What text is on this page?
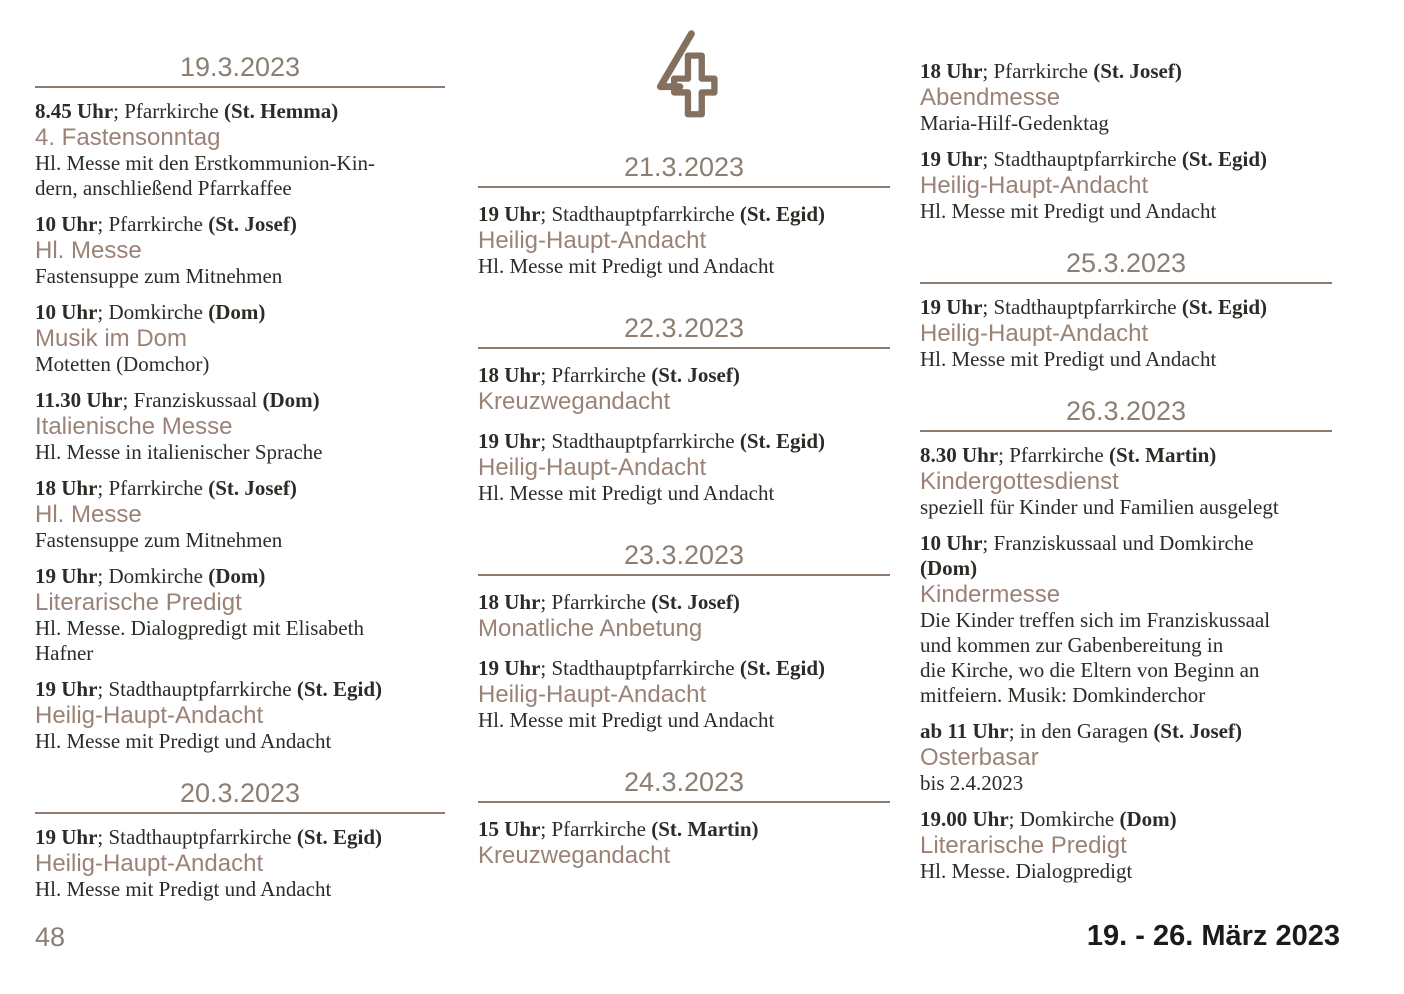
19.3.2023
8.45 Uhr; Pfarrkirche (St. Hemma)
4. Fastensonntag
Hl. Messe mit den Erstkommunion-Kin-
dern, anschließend Pfarrkaffee
10 Uhr; Pfarrkirche (St. Josef)
Hl. Messe
Fastensuppe zum Mitnehmen
10 Uhr; Domkirche (Dom)
Musik im Dom
Motetten (Domchor)
11.30 Uhr; Franziskussaal (Dom)
Italienische Messe
Hl. Messe in italienischer Sprache
18 Uhr; Pfarrkirche (St. Josef)
Hl. Messe
Fastensuppe zum Mitnehmen
19 Uhr; Domkirche (Dom)
Literarische Predigt
Hl. Messe. Dialogpredigt mit Elisabeth
Hafner
19 Uhr; Stadthauptpfarrkirche (St. Egid)
Heilig-Haupt-Andacht
Hl. Messe mit Predigt und Andacht
20.3.2023
19 Uhr; Stadthauptpfarrkirche (St. Egid)
Heilig-Haupt-Andacht
Hl. Messe mit Predigt und Andacht
21.3.2023
19 Uhr; Stadthauptpfarrkirche (St. Egid)
Heilig-Haupt-Andacht
Hl. Messe mit Predigt und Andacht
22.3.2023
18 Uhr; Pfarrkirche (St. Josef)
Kreuzwegandacht
19 Uhr; Stadthauptpfarrkirche (St. Egid)
Heilig-Haupt-Andacht
Hl. Messe mit Predigt und Andacht
23.3.2023
18 Uhr; Pfarrkirche (St. Josef)
Monatliche Anbetung
19 Uhr; Stadthauptpfarrkirche (St. Egid)
Heilig-Haupt-Andacht
Hl. Messe mit Predigt und Andacht
24.3.2023
15 Uhr; Pfarrkirche (St. Martin)
Kreuzwegandacht
18 Uhr; Pfarrkirche (St. Josef)
Abendmesse
Maria-Hilf-Gedenktag
19 Uhr; Stadthauptpfarrkirche (St. Egid)
Heilig-Haupt-Andacht
Hl. Messe mit Predigt und Andacht
25.3.2023
19 Uhr; Stadthauptpfarrkirche (St. Egid)
Heilig-Haupt-Andacht
Hl. Messe mit Predigt und Andacht
26.3.2023
8.30 Uhr; Pfarrkirche (St. Martin)
Kindergottesdienst
speziell für Kinder und Familien ausgelegt
10 Uhr; Franziskussaal und Domkirche
(Dom)
Kindermesse
Die Kinder treffen sich im Franziskussaal
und kommen zur Gabenbereitung in
die Kirche, wo die Eltern von Beginn an
mitfeiern. Musik: Domkinderchor
ab 11 Uhr; in den Garagen (St. Josef)
Osterbasar
bis 2.4.2023
19.00 Uhr; Domkirche (Dom)
Literarische Predigt
Hl. Messe. Dialogpredigt
48	19. - 26. März 2023
